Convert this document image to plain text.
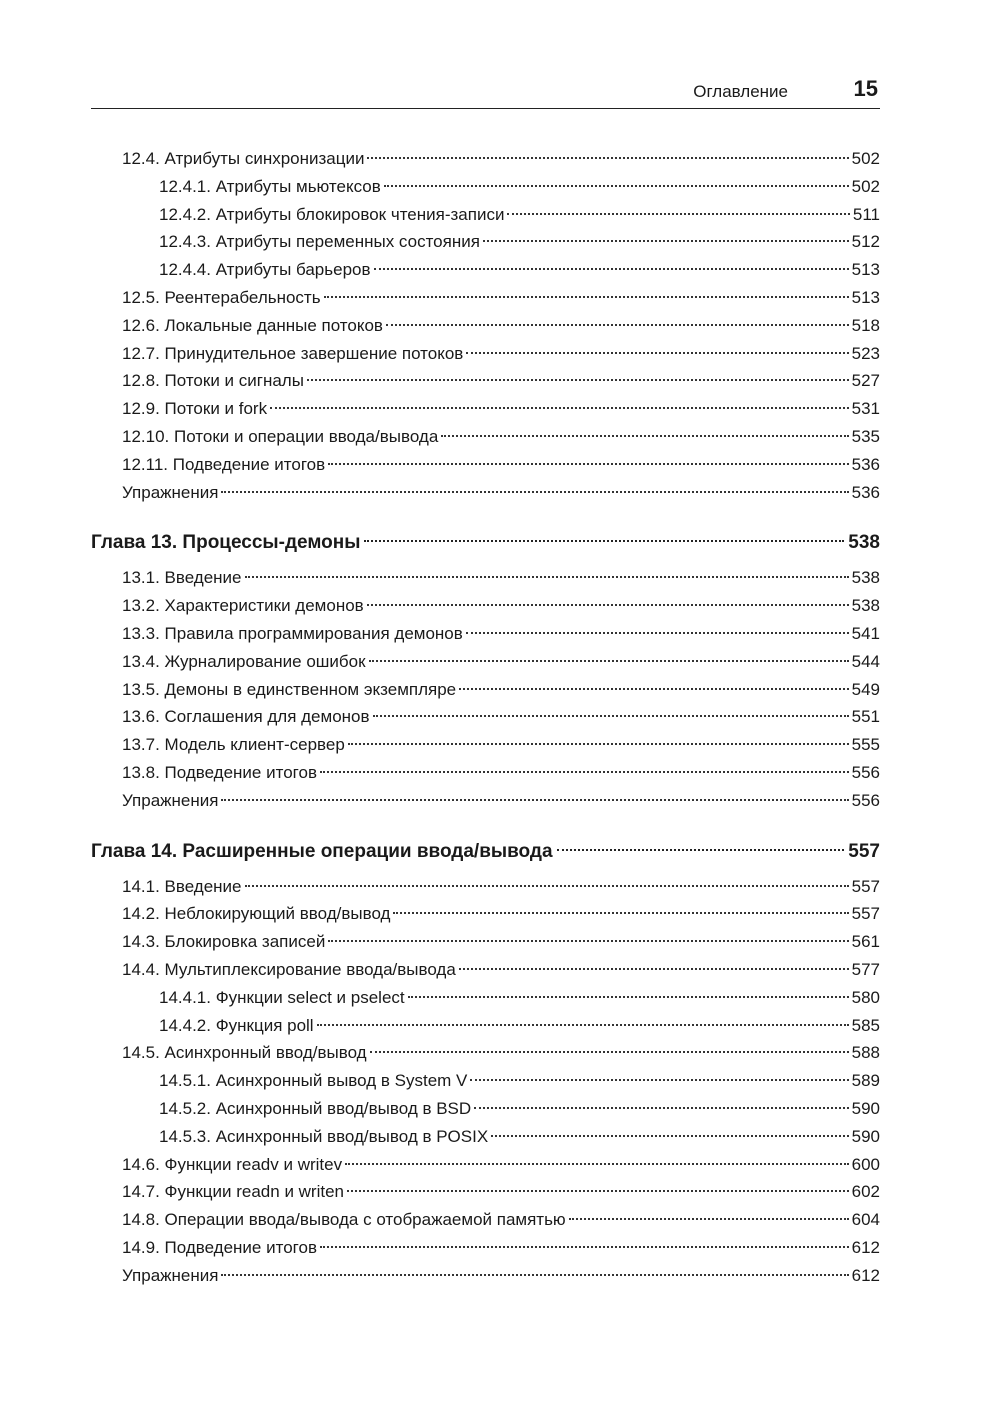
Оглавление	15
12.4. Атрибуты синхронизации	502
12.4.1. Атрибуты мьютексов	502
12.4.2. Атрибуты блокировок чтения-записи	511
12.4.3. Атрибуты переменных состояния	512
12.4.4. Атрибуты барьеров	513
12.5. Реентерабельность	513
12.6. Локальные данные потоков	518
12.7. Принудительное завершение потоков	523
12.8. Потоки и сигналы	527
12.9. Потоки и fork	531
12.10. Потоки и операции ввода/вывода	535
12.11. Подведение итогов	536
Упражнения	536
Глава 13. Процессы-демоны	538
13.1. Введение	538
13.2. Характеристики демонов	538
13.3. Правила программирования демонов	541
13.4. Журналирование ошибок	544
13.5. Демоны в единственном экземпляре	549
13.6. Соглашения для демонов	551
13.7. Модель клиент-сервер	555
13.8. Подведение итогов	556
Упражнения	556
Глава 14. Расширенные операции ввода/вывода	557
14.1. Введение	557
14.2. Неблокирующий ввод/вывод	557
14.3. Блокировка записей	561
14.4. Мультиплексирование ввода/вывода	577
14.4.1. Функции select и pselect	580
14.4.2. Функция poll	585
14.5. Асинхронный ввод/вывод	588
14.5.1. Асинхронный вывод в System V	589
14.5.2. Асинхронный ввод/вывод в BSD	590
14.5.3. Асинхронный ввод/вывод в POSIX	590
14.6. Функции readv и writev	600
14.7. Функции readn и writen	602
14.8. Операции ввода/вывода с отображаемой памятью	604
14.9. Подведение итогов	612
Упражнения	612
